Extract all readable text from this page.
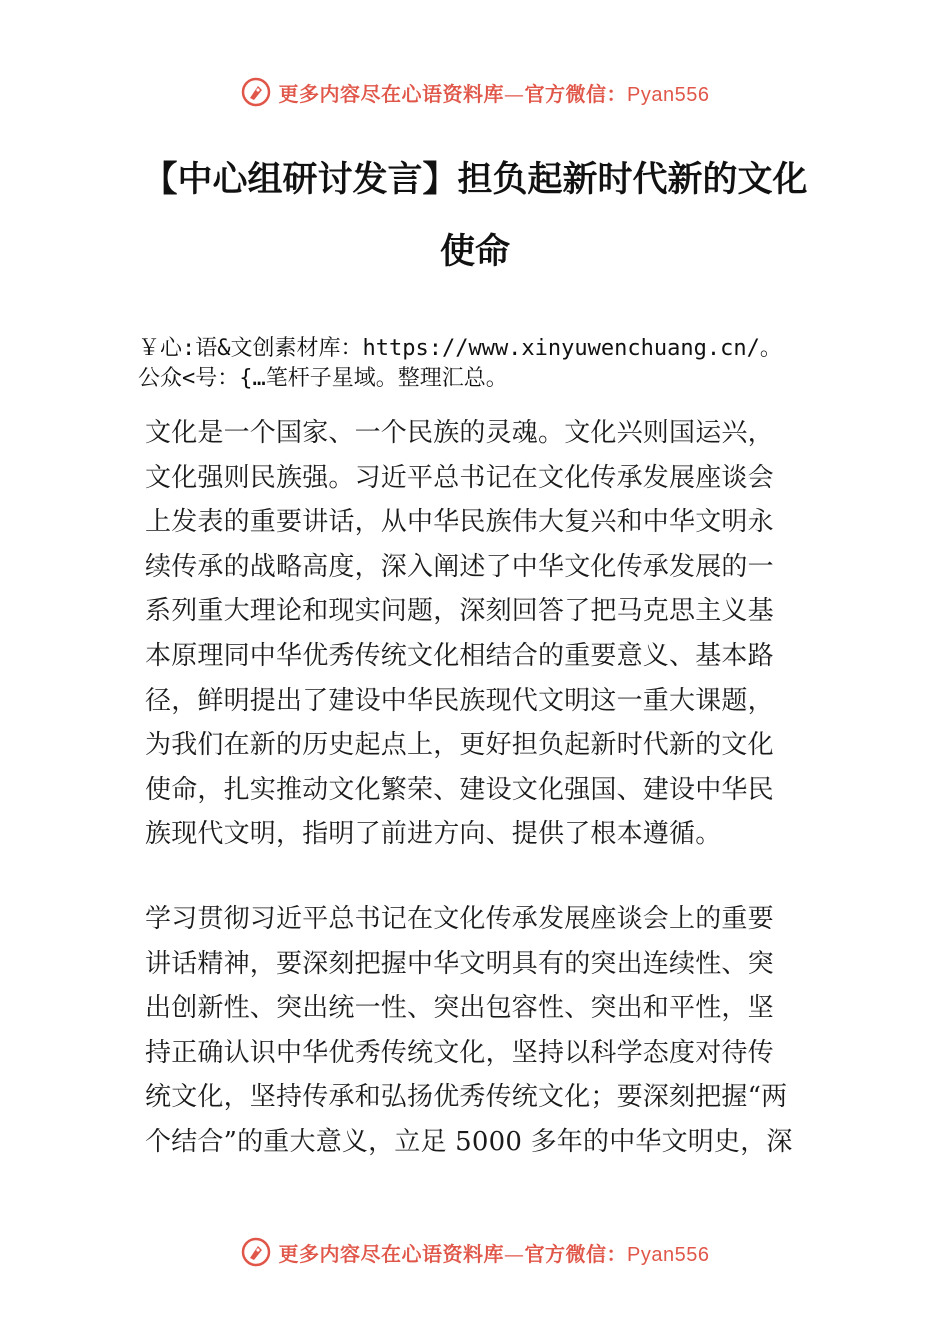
更多内容尽在心语资料库—官方微信：Pyan556
【中心组研讨发言】担负起新时代新的文化
使命
￥心:语&文创素材库：https://www.xinyuwenchuang.cn/。
公众<号：{…笔杆子星域。整理汇总。
文化是一个国家、一个民族的灵魂。文化兴则国运兴，
文化强则民族强。习近平总书记在文化传承发展座谈会
上发表的重要讲话，从中华民族伟大复兴和中华文明永
续传承的战略高度，深入阐述了中华文化传承发展的一
系列重大理论和现实问题，深刻回答了把马克思主义基
本原理同中华优秀传统文化相结合的重要意义、基本路
径，鲜明提出了建设中华民族现代文明这一重大课题，
为我们在新的历史起点上，更好担负起新时代新的文化
使命，扎实推动文化繁荣、建设文化强国、建设中华民
族现代文明，指明了前进方向、提供了根本遵循。
学习贯彻习近平总书记在文化传承发展座谈会上的重要
讲话精神，要深刻把握中华文明具有的突出连续性、突
出创新性、突出统一性、突出包容性、突出和平性，坚
持正确认识中华优秀传统文化，坚持以科学态度对待传
统文化，坚持传承和弘扬优秀传统文化；要深刻把握“两
个结合”的重大意义，立足 5000 多年的中华文明史，深
更多内容尽在心语资料库—官方微信：Pyan556
